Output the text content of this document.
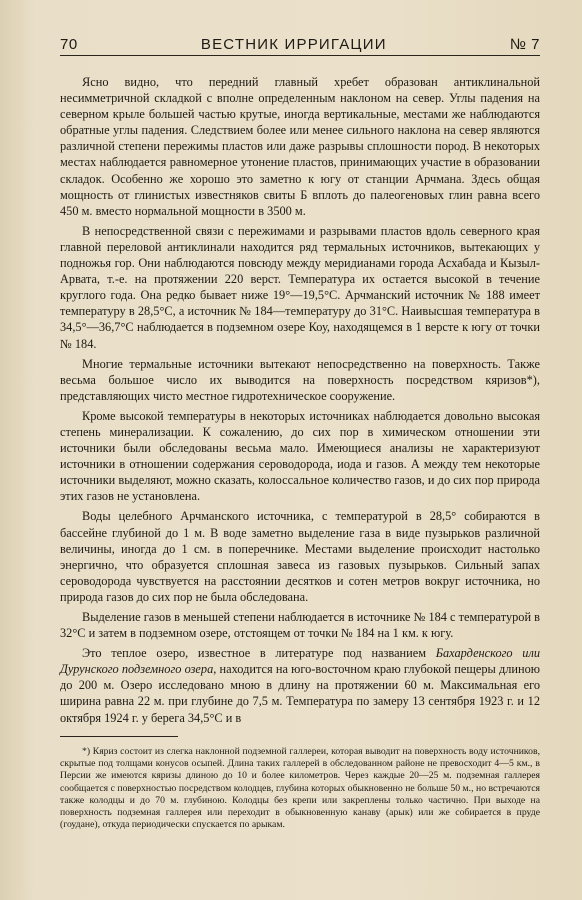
70	ВЕСТНИК ИРРИГАЦИИ	№ 7

Ясно видно, что передний главный хребет образован антиклинальной несимметричной складкой с вполне определенным наклоном на север. Углы падения на северном крыле большей частью крутые, иногда вертикальные, местами же наблюдаются обратные углы падения. Следствием более или менее сильного наклона на север являются различной степени пережимы пластов или даже разрывы сплошности пород. В некоторых местах наблюдается равномерное утонение пластов, принимающих участие в образовании складок. Особенно же хорошо это заметно к югу от станции Арчмана. Здесь общая мощность от глинистых известняков свиты Б вплоть до палеогеновых глин равна всего 450 м. вместо нормальной мощности в 3500 м.

В непосредственной связи с пережимами и разрывами пластов вдоль северного края главной переловой антиклинали находится ряд термальных источников, вытекающих у подножья гор. Они наблюдаются повсюду между меридианами города Асхабада и Кызыл-Арвата, т.-е. на протяжении 220 верст. Температура их остается высокой в течение круглого года. Она редко бывает ниже 19°—19,5°C. Арчманский источник № 188 имеет температуру в 28,5°C, а источник № 184—температуру до 31°C. Наивысшая температура в 34,5°—36,7°C наблюдается в подземном озере Коу, находящемся в 1 версте к югу от точки № 184.

Многие термальные источники вытекают непосредственно на поверхность. Также весьма большое число их выводится на поверхность посредством кяризов*), представляющих чисто местное гидротехническое сооружение.

Кроме высокой температуры в некоторых источниках наблюдается довольно высокая степень минерализации. К сожалению, до сих пор в химическом отношении эти источники были обследованы весьма мало. Имеющиеся анализы не характеризуют источники в отношении содержания сероводорода, иода и газов. А между тем некоторые источники выделяют, можно сказать, колоссальное количество газов, и до сих пор природа этих газов не установлена.

Воды целебного Арчманского источника, с температурой в 28,5° собираются в бассейне глубиной до 1 м. В воде заметно выделение газа в виде пузырьков различной величины, иногда до 1 см. в поперечнике. Местами выделение происходит настолько энергично, что образуется сплошная завеса из газовых пузырьков. Сильный запах сероводорода чувствуется на расстоянии десятков и сотен метров вокруг источника, но природа газов до сих пор не была обследована.

Выделение газов в меньшей степени наблюдается в источнике № 184 с температурой в 32°C и затем в подземном озере, отстоящем от точки № 184 на 1 км. к югу.

Это теплое озеро, известное в литературе под названием Бахарденского или Дурунского подземного озера, находится на юго-восточном краю глубокой пещеры длиною до 200 м. Озеро исследовано мною в длину на протяжении 60 м. Максимальная его ширина равна 22 м. при глубине до 7,5 м. Температура по замеру 13 сентября 1923 г. и 12 октября 1924 г. у берега 34,5°C и в

*) Кяриз состоит из слегка наклонной подземной галлереи, которая выводит на поверхность воду источников, скрытые под толщами конусов осыпей. Длина таких галлерей в обследованном районе не превосходит 4—5 км., в Персии же имеются кяризы длиною до 10 и более километров. Через каждые 20—25 м. подземная галлерея сообщается с поверхностью посредством колодцев, глубина которых обыкновенно не больше 50 м., но встречаются также колодцы и до 70 м. глубиною. Колодцы без крепи или закреплены только частично. При выходе на поверхность подземная галлерея или переходит в обыкновенную канаву (арык) или же собирается в пруде (гоудане), откуда периодически спускается по арыкам.
